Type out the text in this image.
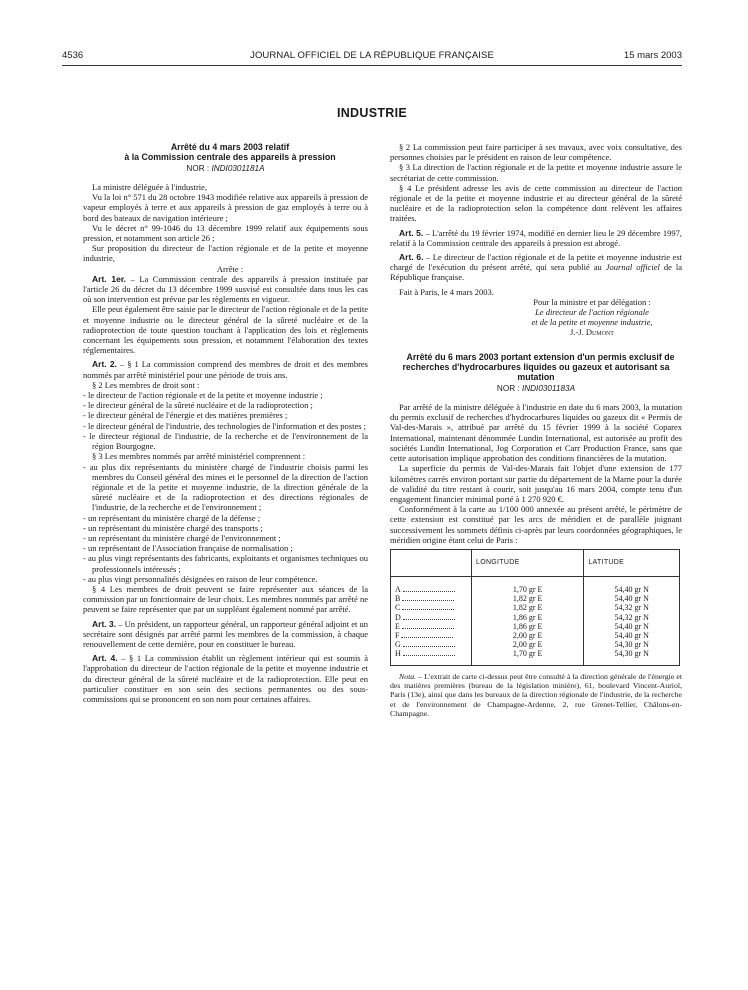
4536	JOURNAL OFFICIEL DE LA RÉPUBLIQUE FRANÇAISE	15 mars 2003
INDUSTRIE

Arrêté du 4 mars 2003 relatif

à la Commission centrale des appareils à pression

NOR : INDI0301181A

La ministre déléguée à l'industrie,

Vu la loi n° 571 du 28 octobre 1943 modifiée relative aux appareils à pression de vapeur employés à terre et aux appareils à pression de gaz employés à terre ou à bord des bateaux de navigation intérieure ;

Vu le décret n° 99-1046 du 13 décembre 1999 relatif aux équipements sous pression, et notamment son article 26 ;

Sur proposition du directeur de l'action régionale et de la petite et moyenne industrie,

Arrête :

Art. 1er. – La Commission centrale des appareils à pression instituée par l'article 26 du décret du 13 décembre 1999 susvisé est consultée dans tous les cas où son intervention est prévue par les règlements en vigueur.

Elle peut également être saisie par le directeur de l'action régionale et de la petite et moyenne industrie ou le directeur général de la sûreté nucléaire et de la radioprotection de toute question touchant à l'application des lois et règlements concernant les équipements sous pression, et notamment l'élaboration des textes réglementaires.

Art. 2. – § 1 La commission comprend des membres de droit et des membres nommés par arrêté ministériel pour une période de trois ans.

§ 2 Les membres de droit sont :

- le directeur de l'action régionale et de la petite et moyenne industrie ;
- le directeur général de la sûreté nucléaire et de la radioprotection ;
- le directeur général de l'énergie et des matières premières ;
- le directeur général de l'industrie, des technologies de l'information et des postes ;
- le directeur régional de l'industrie, de la recherche et de l'environnement de la région Bourgogne.

§ 3 Les membres nommés par arrêté ministériel comprennent :

- au plus dix représentants du ministère chargé de l'industrie choisis parmi les membres du Conseil général des mines et le personnel de la direction de l'action régionale et de la petite et moyenne industrie, de la direction générale de la sûreté nucléaire et de la radioprotection et des directions régionales de l'industrie, de la recherche et de l'environnement ;
- un représentant du ministère chargé de la défense ;
- un représentant du ministère chargé des transports ;
- un représentant du ministère chargé de l'environnement ;
- un représentant de l'Association française de normalisation ;
- au plus vingt représentants des fabricants, exploitants et organismes techniques ou professionnels intéressés ;
- au plus vingt personnalités désignées en raison de leur compétence.

§ 4 Les membres de droit peuvent se faire représenter aux séances de la commission par un fonctionnaire de leur choix. Les membres nommés par arrêté ne peuvent se faire représenter que par un suppléant également nommé par arrêté.

Art. 3. – Un président, un rapporteur général, un rapporteur général adjoint et un secrétaire sont désignés par arrêté parmi les membres de la commission, à chaque renouvellement de cette dernière, pour en constituer le bureau.

Art. 4. – § 1 La commission établit un règlement intérieur qui est soumis à l'approbation du directeur de l'action régionale de la petite et moyenne industrie et du directeur général de la sûreté nucléaire et de la radioprotection. Elle peut en particulier constituer en son sein des sections permanentes ou des sous-commissions qui se prononcent en son nom pour certaines affaires.

§ 2 La commission peut faire participer à ses travaux, avec voix consultative, des personnes choisies par le président en raison de leur compétence.

§ 3 La direction de l'action régionale et de la petite et moyenne industrie assure le secrétariat de cette commission.

§ 4 Le président adresse les avis de cette commission au directeur de l'action régionale et de la petite et moyenne industrie et au directeur général de la sûreté nucléaire et de la radioprotection selon la compétence dont relèvent les affaires traitées.

Art. 5. – L'arrêté du 19 février 1974, modifié en dernier lieu le 29 décembre 1997, relatif à la Commission centrale des appareils à pression est abrogé.

Art. 6. – Le directeur de l'action régionale et de la petite et moyenne industrie est chargé de l'exécution du présent arrêté, qui sera publié au Journal officiel de la République française.

Fait à Paris, le 4 mars 2003.

Pour la ministre et par délégation :
Le directeur de l'action régionale
et de la petite et moyenne industrie,
J.-J. Dumont

Arrêté du 6 mars 2003 portant extension d'un permis exclusif de recherches d'hydrocarbures liquides ou gazeux et autorisant sa mutation

NOR : INDI0301183A

Par arrêté de la ministre déléguée à l'industrie en date du 6 mars 2003, la mutation du permis exclusif de recherches d'hydrocarbures liquides ou gazeux dit « Permis de Val-des-Marais », attribué par arrêté du 15 février 1999 à la société Coparex International, maintenant dénommée Lundin International, est autorisée au profit des sociétés Lundin International, Jog Corporation et Carr Production France, sans que cette autorisation implique approbation des conditions financières de la mutation.

La superficie du permis de Val-des-Marais fait l'objet d'une extension de 177 kilomètres carrés environ portant sur partie du département de la Marne pour la durée de validité du titre restant à courir, soit jusqu'au 16 mars 2004, compte tenu d'un engagement financier minimal porté à 1 270 920 €.

Conformément à la carte au 1/100 000 annexée au présent arrêté, le périmètre de cette extension est constitué par les arcs de méridien et de parallèle joignant successivement les sommets définis ci-après par leurs coordonnées géographiques, le méridien origine étant celui de Paris :

	LONGITUDE	LATITUDE
A	1,70 gr E	54,40 gr N
B	1,82 gr E	54,40 gr N
C	1,82 gr E	54,32 gr N
D	1,86 gr E	54,32 gr N
E	1,86 gr E	54,40 gr N
F	2,00 gr E	54,40 gr N
G	2,00 gr E	54,30 gr N
H	1,70 gr E	54,30 gr N

Nota. – L'extrait de carte ci-dessus peut être consulté à la direction générale de l'énergie et des matières premières (bureau de la législation minière), 61, boulevard Vincent-Auriol, Paris (13e), ainsi que dans les bureaux de la direction régionale de l'industrie, de la recherche et de l'environnement de Champagne-Ardenne, 2, rue Grenet-Tellier, Châlons-en-Champagne.
